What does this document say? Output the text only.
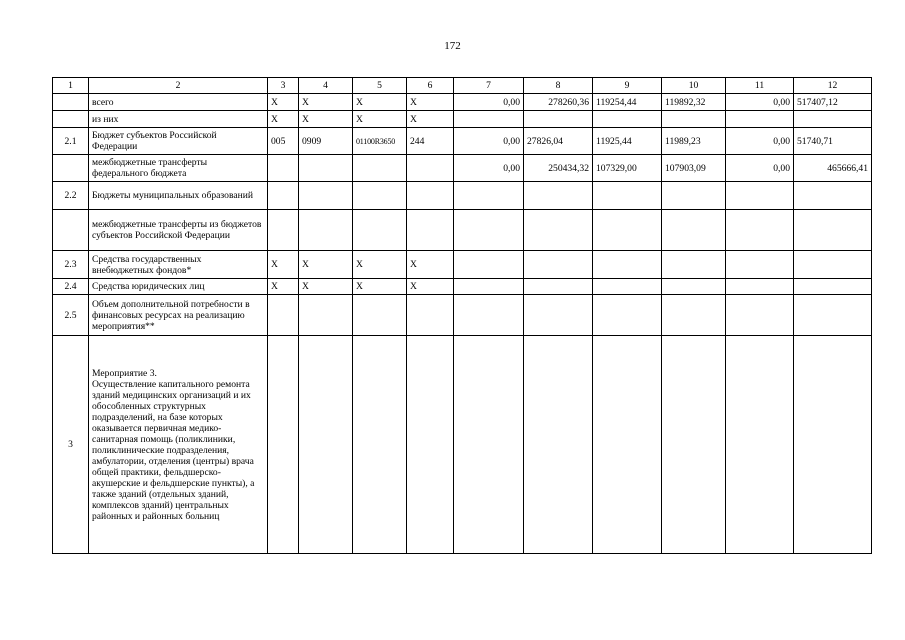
172
1	2	3	4	5	6	7	8	9	10	11	12
	всего	Х	Х	Х	Х	0,00	278260,36	119254,44	119892,32	0,00	517407,12
	из них	Х	Х	Х	Х						
2.1	Бюджет субъектов Российской Федерации	005	0909	01100R3650	244	0,00	27826,04	11925,44	11989,23	0,00	51740,71
	межбюджетные трансферты федерального бюджета					0,00	250434,32	107329,00	107903,09	0,00	465666,41
2.2	Бюджеты муниципальных образований										
	межбюджетные трансферты из бюджетов субъектов Российской Федерации										
2.3	Средства государственных внебюджетных фондов*	Х	Х	Х	Х						
2.4	Средства юридических лиц	Х	Х	Х	Х						
2.5	Объем дополнительной потребности в финансовых ресурсах на реализацию мероприятия**										
3	Мероприятие 3.
Осуществление капитального ремонта зданий медицинских организаций и их обособленных структурных подразделений, на базе которых оказывается первичная медико-санитарная помощь (поликлиники, поликлинические подразделения, амбулатории, отделения (центры) врача общей практики, фельдшерско-акушерские и фельдшерские пункты), а также зданий (отдельных зданий, комплексов зданий) центральных районных и районных больниц										
